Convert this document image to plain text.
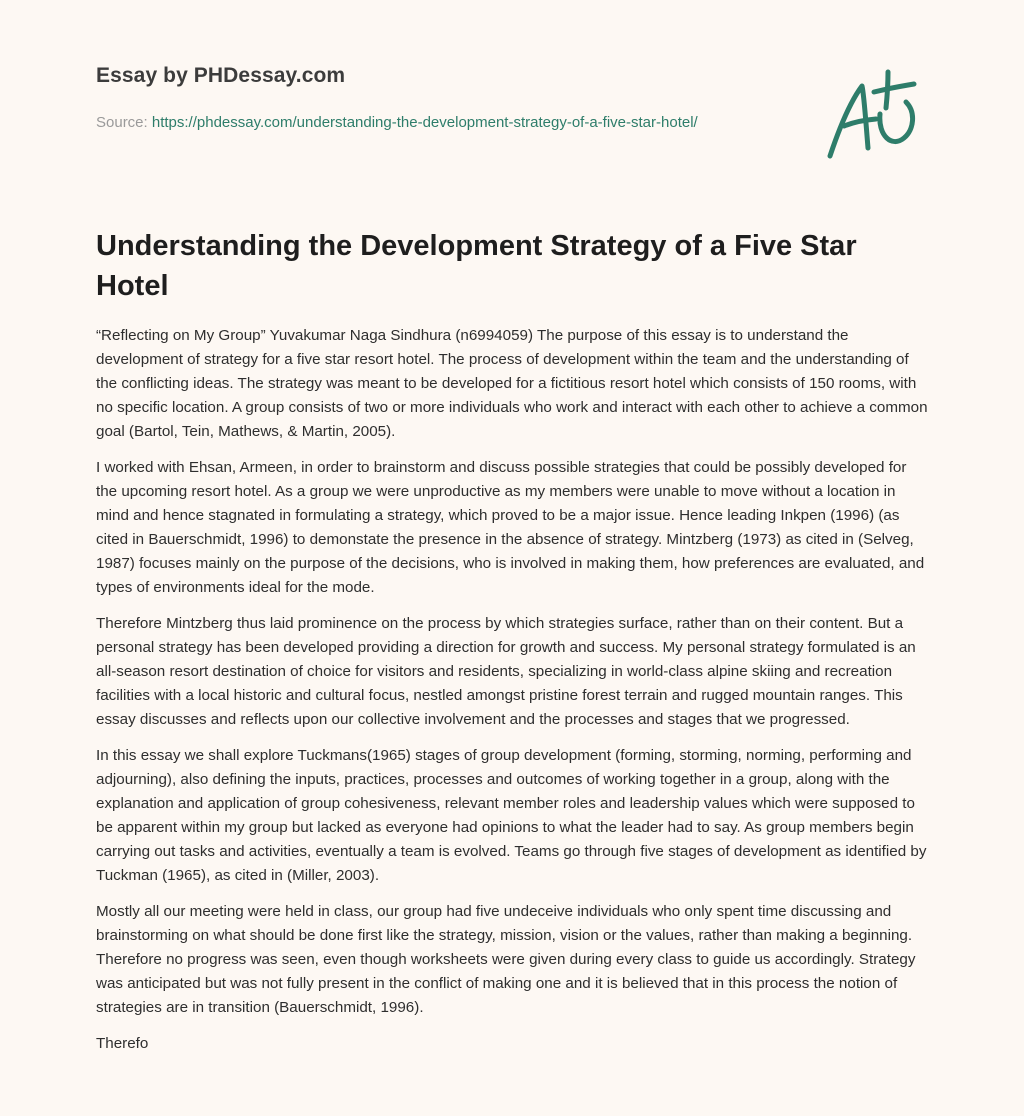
Essay by PHDessay.com
Source: https://phdessay.com/understanding-the-development-strategy-of-a-five-star-hotel/
Understanding the Development Strategy of a Five Star Hotel

“Reflecting on My Group” Yuvakumar Naga Sindhura (n6994059) The purpose of this essay is to understand the development of strategy for a five star resort hotel. The process of development within the team and the understanding of the conflicting ideas. The strategy was meant to be developed for a fictitious resort hotel which consists of 150 rooms, with no specific location. A group consists of two or more individuals who work and interact with each other to achieve a common goal (Bartol, Tein, Mathews, & Martin, 2005).

I worked with Ehsan, Armeen, in order to brainstorm and discuss possible strategies that could be possibly developed for the upcoming resort hotel. As a group we were unproductive as my members were unable to move without a location in mind and hence stagnated in formulating a strategy, which proved to be a major issue. Hence leading Inkpen (1996) (as cited in Bauerschmidt, 1996) to demonstate the presence in the absence of strategy. Mintzberg (1973) as cited in (Selveg, 1987) focuses mainly on the purpose of the decisions, who is involved in making them, how preferences are evaluated, and types of environments ideal for the mode.

Therefore Mintzberg thus laid prominence on the process by which strategies surface, rather than on their content. But a personal strategy has been developed providing a direction for growth and success. My personal strategy formulated is an all-season resort destination of choice for visitors and residents, specializing in world-class alpine skiing and recreation facilities with a local historic and cultural focus, nestled amongst pristine forest terrain and rugged mountain ranges. This essay discusses and reflects upon our collective involvement and the processes and stages that we progressed.

In this essay we shall explore Tuckmans(1965) stages of group development (forming, storming, norming, performing and adjourning), also defining the inputs, practices, processes and outcomes of working together in a group, along with the explanation and application of group cohesiveness, relevant member roles and leadership values which were supposed to be apparent within my group but lacked as everyone had opinions to what the leader had to say. As group members begin carrying out tasks and activities, eventually a team is evolved. Teams go through five stages of development as identified by Tuckman (1965), as cited in (Miller, 2003).

Mostly all our meeting were held in class, our group had five undeceive individuals who only spent time discussing and brainstorming on what should be done first like the strategy, mission, vision or the values, rather than making a beginning. Therefore no progress was seen, even though worksheets were given during every class to guide us accordingly. Strategy was anticipated but was not fully present in the conflict of making one and it is believed that in this process the notion of strategies are in transition (Bauerschmidt, 1996).

Therefo
